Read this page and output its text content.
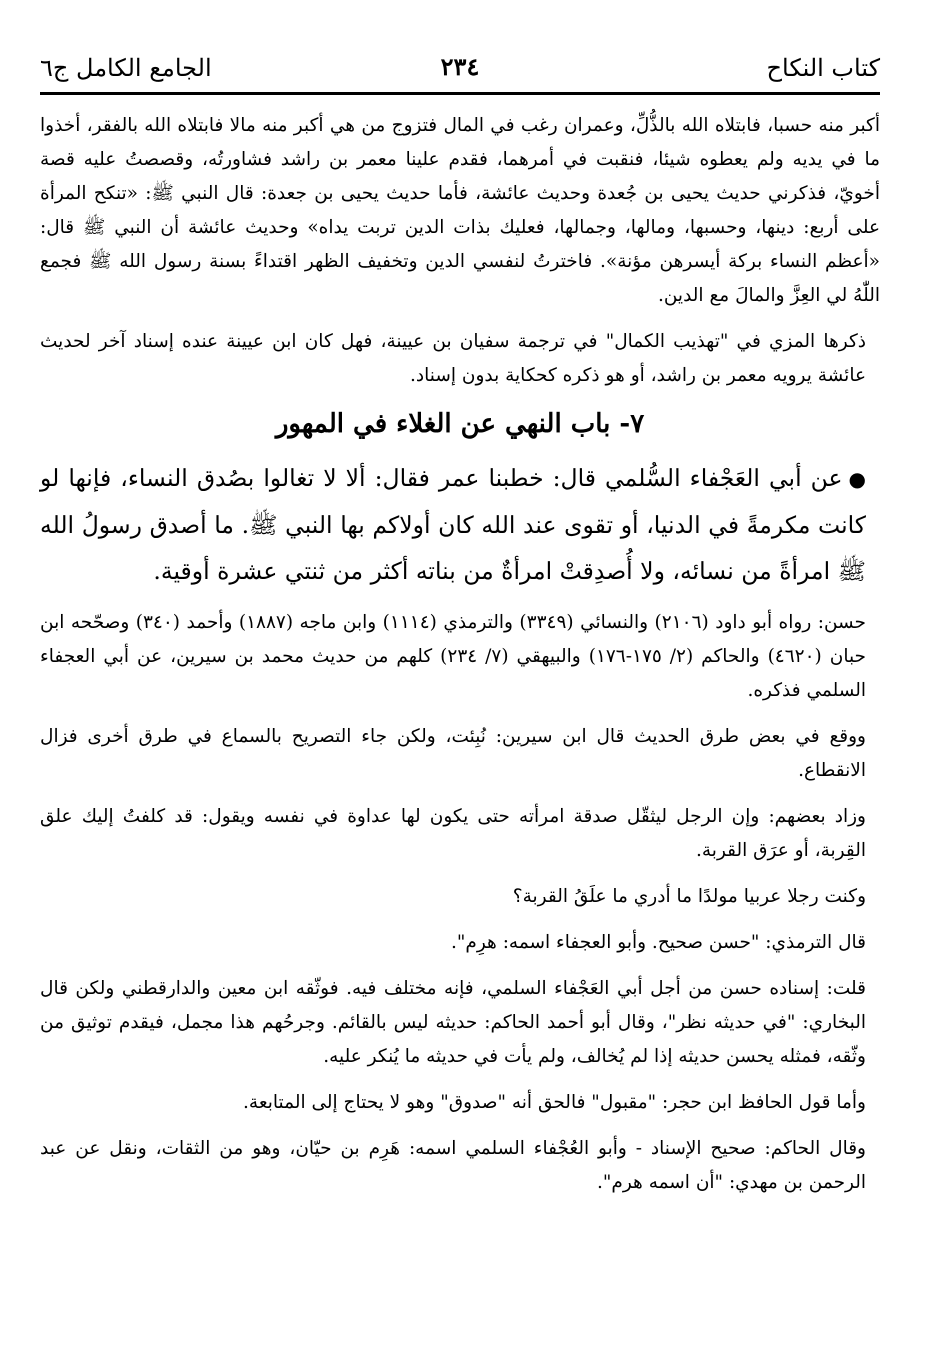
كتاب النكاح
٢٣٤
الجامع الكامل ج٦

أكبر منه حسبا، فابتلاه الله بالذُّلِّ، وعمران رغب في المال فتزوج من هي أكبر منه مالا فابتلاه الله بالفقر، أخذوا ما في يديه ولم يعطوه شيئا، فنقبت في أمرهما، فقدم علينا معمر بن راشد فشاورتُه، وقصصتُ عليه قصة أخويّ، فذكرني حديث يحيى بن جُعدة وحديث عائشة، فأما حديث يحيى بن جعدة: قال النبي ﷺ: «تنكح المرأة على أربع: دينها، وحسبها، ومالها، وجمالها، فعليك بذات الدين تربت يداه» وحديث عائشة أن النبي ﷺ قال: «أعظم النساء بركة أيسرهن مؤنة». فاخترتُ لنفسي الدين وتخفيف الظهر اقتداءً بسنة رسول الله ﷺ فجمع اللّٰهُ لي العِزَّ والمالَ مع الدين.

ذكرها المزي في "تهذيب الكمال" في ترجمة سفيان بن عيينة، فهل كان ابن عيينة عنده إسناد آخر لحديث عائشة يرويه معمر بن راشد، أو هو ذكره كحكاية بدون إسناد.

٧- باب النهي عن الغلاء في المهور

●عن أبي العَجْفاء السُّلمي قال: خطبنا عمر فقال: ألا لا تغالوا بصُدق النساء، فإنها لو كانت مكرمةً في الدنيا، أو تقوى عند الله كان أولاكم بها النبي ﷺ. ما أصدق رسولُ الله ﷺ امرأةً من نسائه، ولا أُصدِقتْ امرأةٌ من بناته أكثر من ثنتي عشرة أوقية.

حسن: رواه أبو داود (٢١٠٦) والنسائي (٣٣٤٩) والترمذي (١١١٤) وابن ماجه (١٨٨٧) وأحمد (٣٤٠) وصحّحه ابن حبان (٤٦٢٠) والحاكم (٢/ ١٧٥-١٧٦) والبيهقي (٧/ ٢٣٤) كلهم من حديث محمد بن سيرين، عن أبي العجفاء السلمي فذكره.

ووقع في بعض طرق الحديث قال ابن سيرين: نُبِئت، ولكن جاء التصريح بالسماع في طرق أخرى فزال الانقطاع.

وزاد بعضهم: وإن الرجل ليثقّل صدقة امرأته حتى يكون لها عداوة في نفسه ويقول: قد كلفتُ إليك علق القِربة، أو عرَق القربة.

وكنت رجلا عربيا مولدًا ما أدري ما علَقُ القربة؟

قال الترمذي: "حسن صحيح. وأبو العجفاء اسمه: هرِم".

قلت: إسناده حسن من أجل أبي العَجْفاء السلمي، فإنه مختلف فيه. فوثّقه ابن معين والدارقطني ولكن قال البخاري: "في حديثه نظر"، وقال أبو أحمد الحاكم: حديثه ليس بالقائم. وجرحُهم هذا مجمل، فيقدم توثيق من وثّقه، فمثله يحسن حديثه إذا لم يُخالف، ولم يأت في حديثه ما يُنكر عليه.

وأما قول الحافظ ابن حجر: "مقبول" فالحق أنه "صدوق" وهو لا يحتاج إلى المتابعة.

وقال الحاكم: صحيح الإسناد - وأبو العُجْفاء السلمي اسمه: هَرِم بن حيّان، وهو من الثقات، ونقل عن عبد الرحمن بن مهدي: "أن اسمه هرم".
